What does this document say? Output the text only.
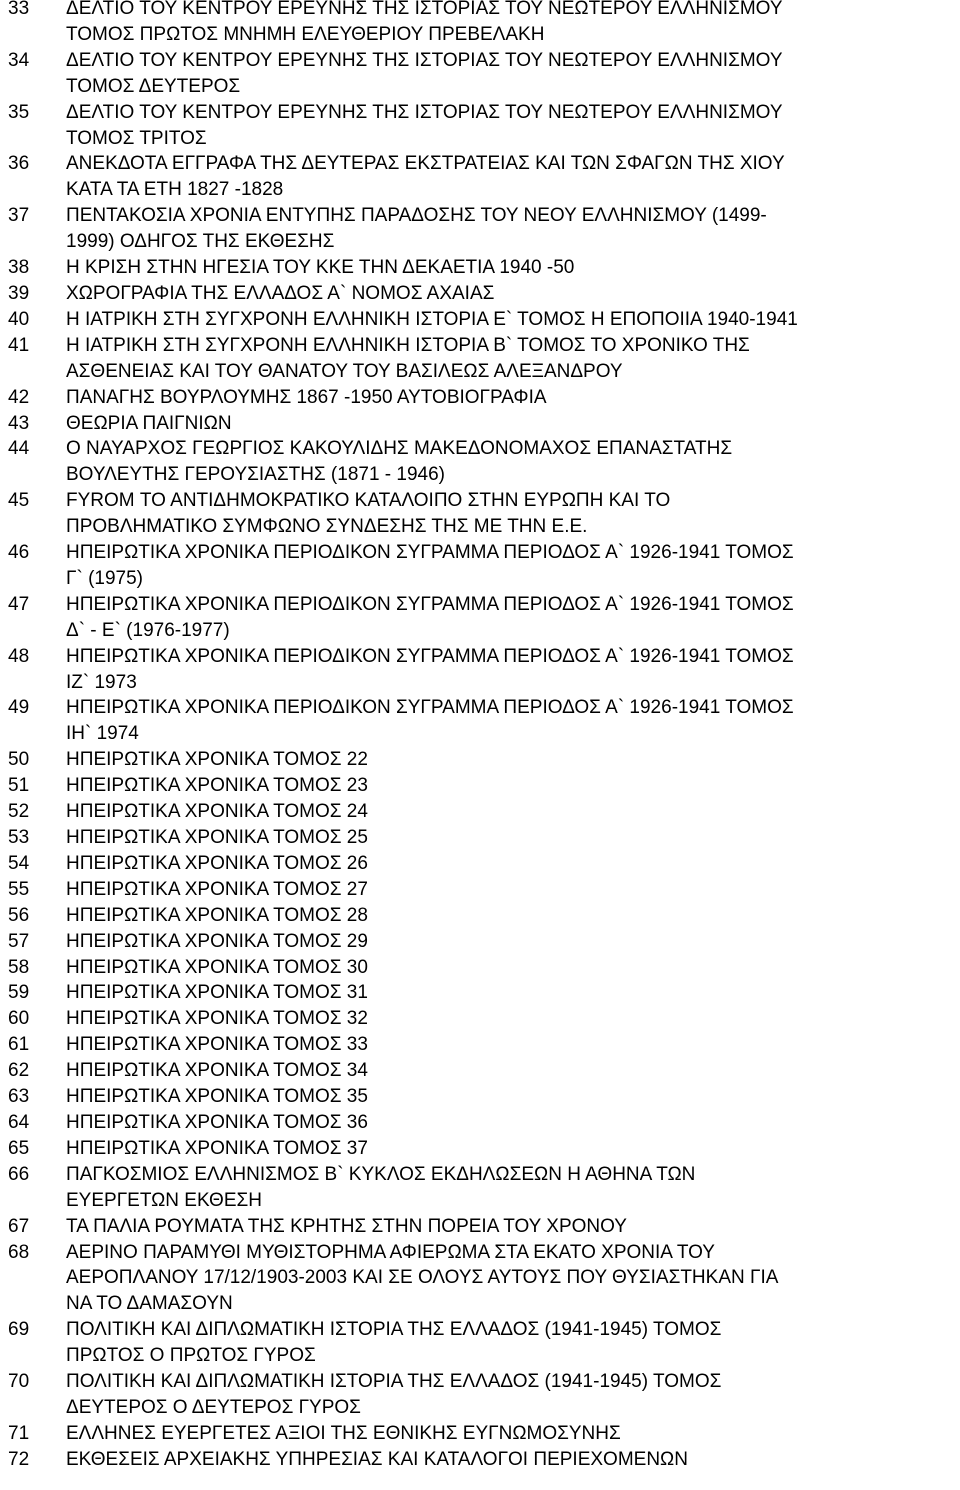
33	ΔΕΛΤΙΟ ΤΟΥ ΚΕΝΤΡΟΥ ΕΡΕΥΝΗΣ ΤΗΣ ΙΣΤΟΡΙΑΣ ΤΟΥ ΝΕΩΤΕΡΟΥ ΕΛΛΗΝΙΣΜΟΥ
ΤΟΜΟΣ ΠΡΩΤΟΣ ΜΝΗΜΗ ΕΛΕΥΘΕΡΙΟΥ ΠΡΕΒΕΛΑΚΗ
34	ΔΕΛΤΙΟ ΤΟΥ ΚΕΝΤΡΟΥ ΕΡΕΥΝΗΣ ΤΗΣ ΙΣΤΟΡΙΑΣ ΤΟΥ ΝΕΩΤΕΡΟΥ ΕΛΛΗΝΙΣΜΟΥ
ΤΟΜΟΣ ΔΕΥΤΕΡΟΣ
35	ΔΕΛΤΙΟ ΤΟΥ ΚΕΝΤΡΟΥ ΕΡΕΥΝΗΣ ΤΗΣ ΙΣΤΟΡΙΑΣ ΤΟΥ ΝΕΩΤΕΡΟΥ ΕΛΛΗΝΙΣΜΟΥ
ΤΟΜΟΣ ΤΡΙΤΟΣ
36	ΑΝΕΚΔΟΤΑ ΕΓΓΡΑΦΑ ΤΗΣ ΔΕΥΤΕΡΑΣ ΕΚΣΤΡΑΤΕΙΑΣ ΚΑΙ ΤΩΝ ΣΦΑΓΩΝ ΤΗΣ ΧΙΟΥ
ΚΑΤΑ ΤΑ ΕΤΗ 1827 -1828
37	ΠΕΝΤΑΚΟΣΙΑ ΧΡΟΝΙΑ ΕΝΤΥΠΗΣ ΠΑΡΑΔΟΣΗΣ ΤΟΥ ΝΕΟΥ ΕΛΛΗΝΙΣΜΟΥ (1499-
1999) ΟΔΗΓΟΣ ΤΗΣ ΕΚΘΕΣΗΣ
38	Η ΚΡΙΣΗ ΣΤΗΝ ΗΓΕΣΙΑ ΤΟΥ ΚΚΕ ΤΗΝ ΔΕΚΑΕΤΙΑ 1940 -50
39	ΧΩΡΟΓΡΑΦΙΑ ΤΗΣ ΕΛΛΑΔΟΣ Α` ΝΟΜΟΣ ΑΧΑΙΑΣ
40	Η ΙΑΤΡΙΚΗ ΣΤΗ ΣΥΓΧΡΟΝΗ ΕΛΛΗΝΙΚΗ ΙΣΤΟΡΙΑ Ε` ΤΟΜΟΣ Η ΕΠΟΠΟΙΙΑ 1940-1941
41	Η ΙΑΤΡΙΚΗ ΣΤΗ ΣΥΓΧΡΟΝΗ ΕΛΛΗΝΙΚΗ ΙΣΤΟΡΙΑ Β` ΤΟΜΟΣ ΤΟ ΧΡΟΝΙΚΟ ΤΗΣ
ΑΣΘΕΝΕΙΑΣ ΚΑΙ ΤΟΥ ΘΑΝΑΤΟΥ ΤΟΥ ΒΑΣΙΛΕΩΣ ΑΛΕΞΑΝΔΡΟΥ
42	ΠΑΝΑΓΗΣ ΒΟΥΡΛΟΥΜΗΣ 1867 -1950 ΑΥΤΟΒΙΟΓΡΑΦΙΑ
43	ΘΕΩΡΙΑ ΠΑΙΓΝΙΩΝ
44	Ο ΝΑΥΑΡΧΟΣ ΓΕΩΡΓΙΟΣ ΚΑΚΟΥΛΙΔΗΣ ΜΑΚΕΔΟΝΟΜΑΧΟΣ ΕΠΑΝΑΣΤΑΤΗΣ
ΒΟΥΛΕΥΤΗΣ ΓΕΡΟΥΣΙΑΣΤΗΣ (1871 - 1946)
45	FYROM ΤΟ ΑΝΤΙΔΗΜΟΚΡΑΤΙΚΟ ΚΑΤΑΛΟΙΠΟ ΣΤΗΝ ΕΥΡΩΠΗ ΚΑΙ ΤΟ
ΠΡΟΒΛΗΜΑΤΙΚΟ ΣΥΜΦΩΝΟ ΣΥΝΔΕΣΗΣ ΤΗΣ ΜΕ ΤΗΝ Ε.Ε.
46	ΗΠΕΙΡΩΤΙΚΑ ΧΡΟΝΙΚΑ ΠΕΡΙΟΔΙΚΟΝ ΣΥΓΡΑΜΜΑ ΠΕΡΙΟΔΟΣ Α` 1926-1941 ΤΟΜΟΣ
Γ` (1975)
47	ΗΠΕΙΡΩΤΙΚΑ ΧΡΟΝΙΚΑ ΠΕΡΙΟΔΙΚΟΝ ΣΥΓΡΑΜΜΑ ΠΕΡΙΟΔΟΣ Α` 1926-1941 ΤΟΜΟΣ
Δ` - Ε` (1976-1977)
48	ΗΠΕΙΡΩΤΙΚΑ ΧΡΟΝΙΚΑ ΠΕΡΙΟΔΙΚΟΝ ΣΥΓΡΑΜΜΑ ΠΕΡΙΟΔΟΣ Α` 1926-1941 ΤΟΜΟΣ
ΙΖ` 1973
49	ΗΠΕΙΡΩΤΙΚΑ ΧΡΟΝΙΚΑ ΠΕΡΙΟΔΙΚΟΝ ΣΥΓΡΑΜΜΑ ΠΕΡΙΟΔΟΣ Α` 1926-1941 ΤΟΜΟΣ
ΙΗ` 1974
50	ΗΠΕΙΡΩΤΙΚΑ ΧΡΟΝΙΚΑ ΤΟΜΟΣ 22
51	ΗΠΕΙΡΩΤΙΚΑ ΧΡΟΝΙΚΑ ΤΟΜΟΣ 23
52	ΗΠΕΙΡΩΤΙΚΑ ΧΡΟΝΙΚΑ ΤΟΜΟΣ 24
53	ΗΠΕΙΡΩΤΙΚΑ ΧΡΟΝΙΚΑ ΤΟΜΟΣ 25
54	ΗΠΕΙΡΩΤΙΚΑ ΧΡΟΝΙΚΑ ΤΟΜΟΣ 26
55	ΗΠΕΙΡΩΤΙΚΑ ΧΡΟΝΙΚΑ ΤΟΜΟΣ 27
56	ΗΠΕΙΡΩΤΙΚΑ ΧΡΟΝΙΚΑ ΤΟΜΟΣ 28
57	ΗΠΕΙΡΩΤΙΚΑ ΧΡΟΝΙΚΑ ΤΟΜΟΣ 29
58	ΗΠΕΙΡΩΤΙΚΑ ΧΡΟΝΙΚΑ ΤΟΜΟΣ 30
59	ΗΠΕΙΡΩΤΙΚΑ ΧΡΟΝΙΚΑ ΤΟΜΟΣ 31
60	ΗΠΕΙΡΩΤΙΚΑ ΧΡΟΝΙΚΑ ΤΟΜΟΣ 32
61	ΗΠΕΙΡΩΤΙΚΑ ΧΡΟΝΙΚΑ ΤΟΜΟΣ 33
62	ΗΠΕΙΡΩΤΙΚΑ ΧΡΟΝΙΚΑ ΤΟΜΟΣ 34
63	ΗΠΕΙΡΩΤΙΚΑ ΧΡΟΝΙΚΑ ΤΟΜΟΣ 35
64	ΗΠΕΙΡΩΤΙΚΑ ΧΡΟΝΙΚΑ ΤΟΜΟΣ 36
65	ΗΠΕΙΡΩΤΙΚΑ ΧΡΟΝΙΚΑ ΤΟΜΟΣ 37
66	ΠΑΓΚΟΣΜΙΟΣ ΕΛΛΗΝΙΣΜΟΣ Β` ΚΥΚΛΟΣ ΕΚΔΗΛΩΣΕΩΝ Η ΑΘΗΝΑ ΤΩΝ
ΕΥΕΡΓΕΤΩΝ ΕΚΘΕΣΗ
67	ΤΑ ΠΑΛΙΑ ΡΟΥΜΑΤΑ ΤΗΣ ΚΡΗΤΗΣ ΣΤΗΝ ΠΟΡΕΙΑ ΤΟΥ ΧΡΟΝΟΥ
68	ΑΕΡΙΝΟ ΠΑΡΑΜΥΘΙ ΜΥΘΙΣΤΟΡΗΜΑ ΑΦΙΕΡΩΜΑ ΣΤΑ ΕΚΑΤΟ ΧΡΟΝΙΑ ΤΟΥ
ΑΕΡΟΠΛΑΝΟΥ 17/12/1903-2003 ΚΑΙ ΣΕ ΟΛΟΥΣ ΑΥΤΟΥΣ ΠΟΥ ΘΥΣΙΑΣΤΗΚΑΝ ΓΙΑ
ΝΑ ΤΟ ΔΑΜΑΣΟΥΝ
69	ΠΟΛΙΤΙΚΗ ΚΑΙ ΔΙΠΛΩΜΑΤΙΚΗ ΙΣΤΟΡΙΑ ΤΗΣ ΕΛΛΑΔΟΣ (1941-1945) ΤΟΜΟΣ
ΠΡΩΤΟΣ Ο ΠΡΩΤΟΣ ΓΥΡΟΣ
70	ΠΟΛΙΤΙΚΗ ΚΑΙ ΔΙΠΛΩΜΑΤΙΚΗ ΙΣΤΟΡΙΑ ΤΗΣ ΕΛΛΑΔΟΣ (1941-1945) ΤΟΜΟΣ
ΔΕΥΤΕΡΟΣ Ο ΔΕΥΤΕΡΟΣ ΓΥΡΟΣ
71	ΕΛΛΗΝΕΣ ΕΥΕΡΓΕΤΕΣ ΑΞΙΟΙ ΤΗΣ ΕΘΝΙΚΗΣ ΕΥΓΝΩΜΟΣΥΝΗΣ
72	ΕΚΘΕΣΕΙΣ ΑΡΧΕΙΑΚΗΣ ΥΠΗΡΕΣΙΑΣ ΚΑΙ ΚΑΤΑΛΟΓΟΙ ΠΕΡΙΕΧΟΜΕΝΩΝ
